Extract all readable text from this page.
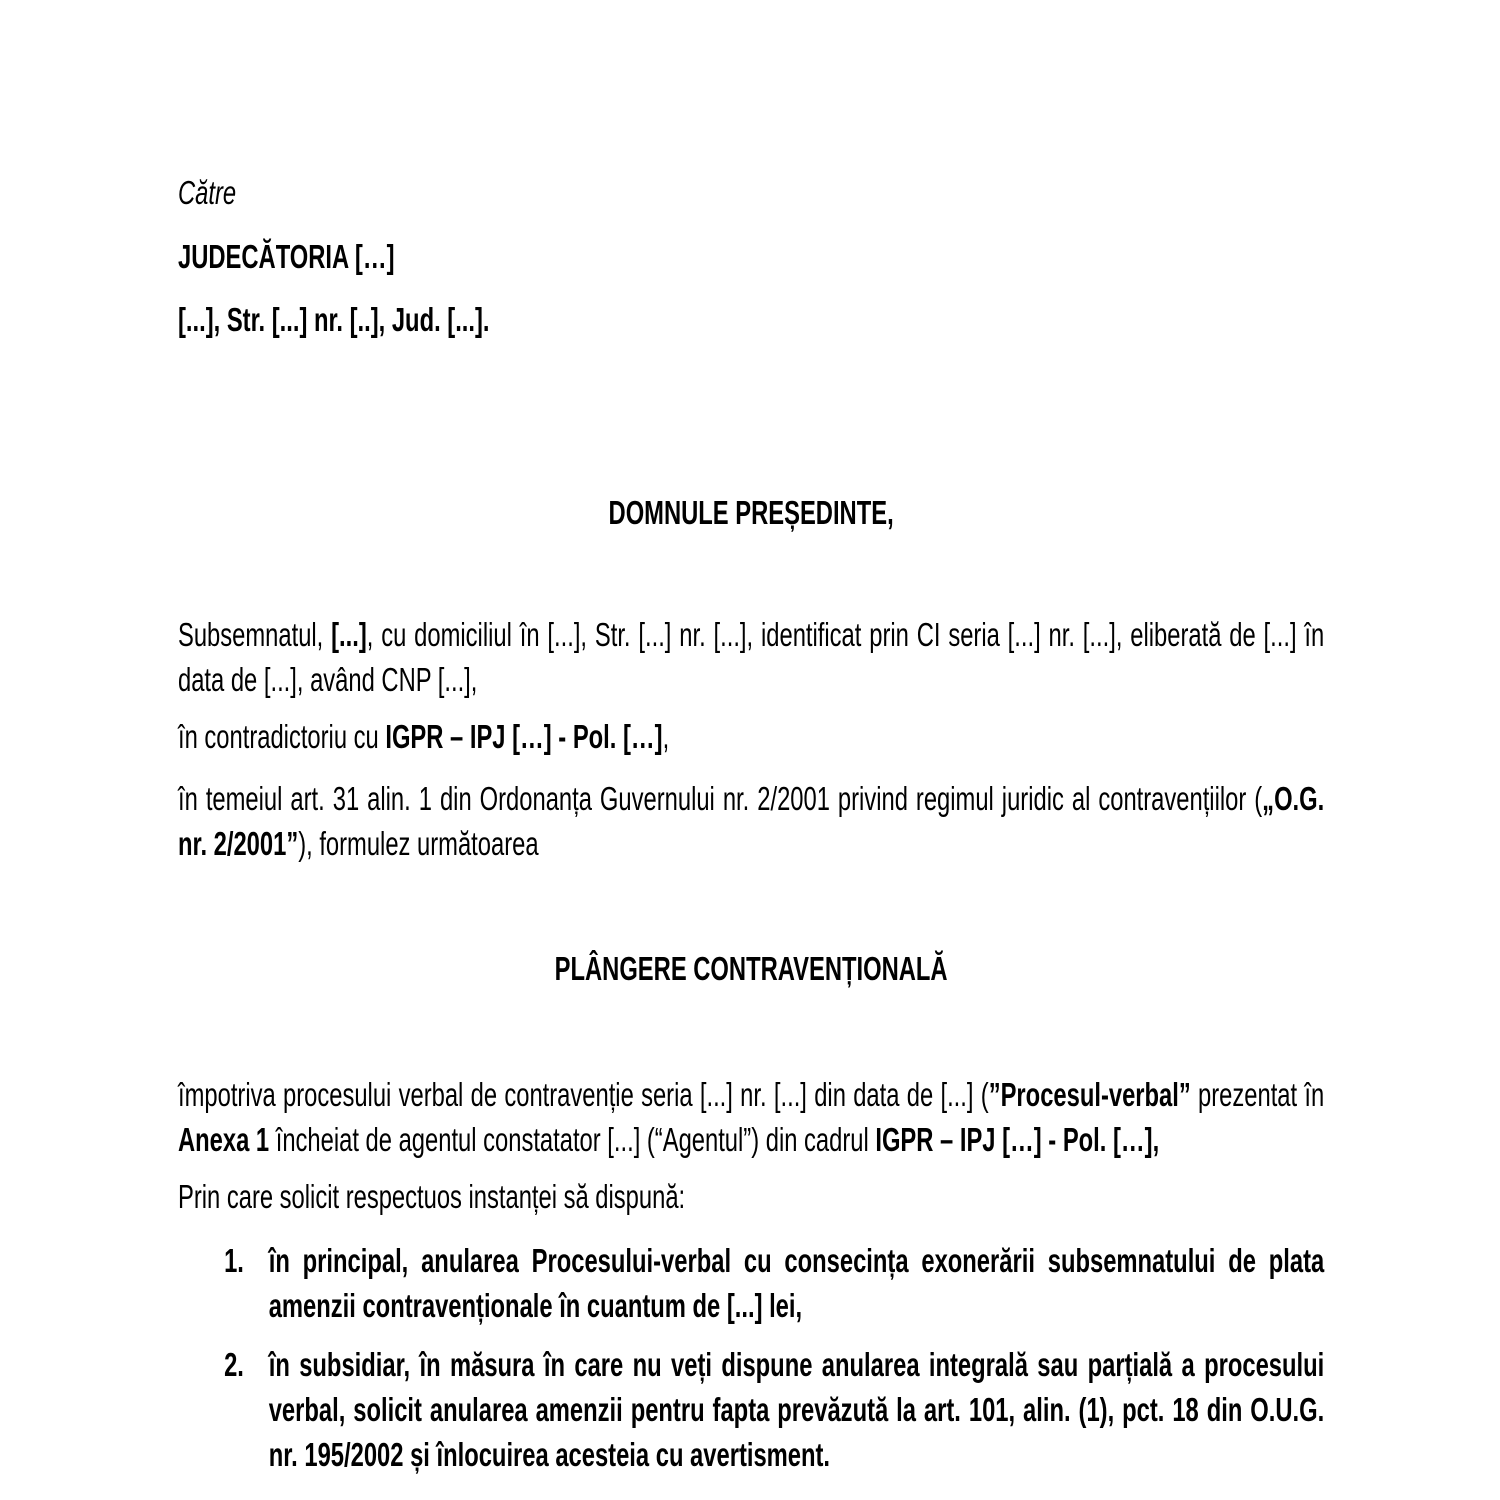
Către

JUDECĂTORIA […]

[...], Str. [...] nr. [..], Jud. [...].

DOMNULE PREȘEDINTE,

Subsemnatul, [...], cu domiciliul în [...], Str. [...] nr. [...], identificat prin CI seria [...] nr. [...], eliberată de [...] în data de [...], având CNP [...],

în contradictoriu cu IGPR – IPJ […] - Pol. […],

în temeiul art. 31 alin. 1 din Ordonanța Guvernului nr. 2/2001 privind regimul juridic al contravențiilor („O.G. nr. 2/2001”), formulez următoarea

PLÂNGERE CONTRAVENȚIONALĂ

împotriva procesului verbal de contravenție seria [...] nr. [...] din data de [...] (”Procesul-verbal” prezentat în Anexa 1 încheiat de agentul constatator [...] (“Agentul”) din cadrul IGPR – IPJ […] - Pol. […],

Prin care solicit respectuos instanței să dispună:

1. în principal, anularea Procesului-verbal cu consecința exonerării subsemnatului de plata amenzii contravenționale în cuantum de [...] lei,
2. în subsidiar, în măsura în care nu veți dispune anularea integrală sau parțială a procesului verbal, solicit anularea amenzii pentru fapta prevăzută la art. 101, alin. (1), pct. 18 din O.U.G. nr. 195/2002 și înlocuirea acesteia cu avertisment.
